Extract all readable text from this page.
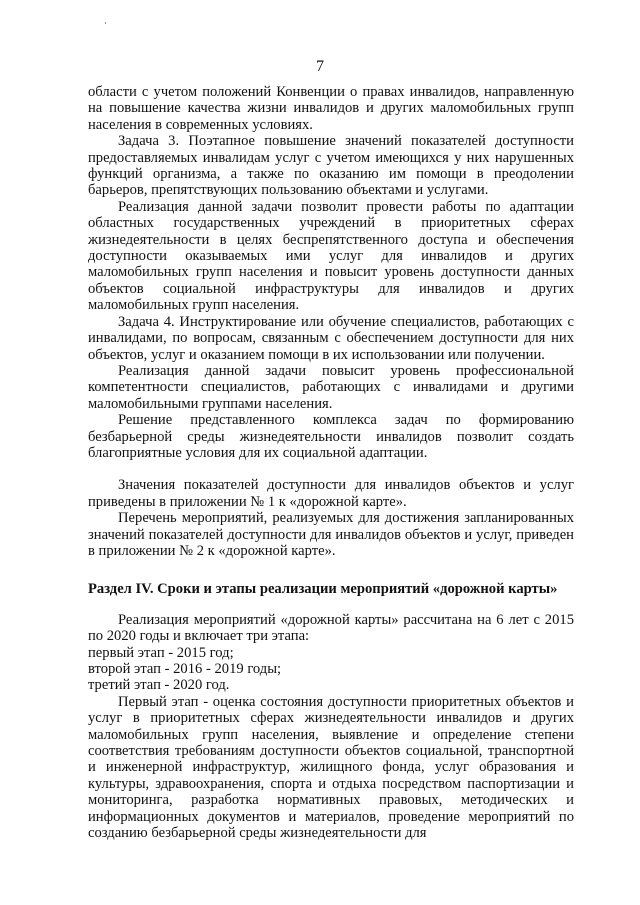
7

области с учетом положений Конвенции о правах инвалидов, направленную на повышение качества жизни инвалидов и других маломобильных групп населения в современных условиях.

Задача 3. Поэтапное повышение значений показателей доступности предоставляемых инвалидам услуг с учетом имеющихся у них нарушенных функций организма, а также по оказанию им помощи в преодолении барьеров, препятствующих пользованию объектами и услугами.

Реализация данной задачи позволит провести работы по адаптации областных государственных учреждений в приоритетных сферах жизнедеятельности в целях беспрепятственного доступа и обеспечения доступности оказываемых ими услуг для инвалидов и других маломобильных групп населения и повысит уровень доступности данных объектов социальной инфраструктуры для инвалидов и других маломобильных групп населения.

Задача 4. Инструктирование или обучение специалистов, работающих с инвалидами, по вопросам, связанным с обеспечением доступности для них объектов, услуг и оказанием помощи в их использовании или получении.

Реализация данной задачи повысит уровень профессиональной компетентности специалистов, работающих с инвалидами и другими маломобильными группами населения.

Решение представленного комплекса задач по формированию безбарьерной среды жизнедеятельности инвалидов позволит создать благоприятные условия для их социальной адаптации.

Значения показателей доступности для инвалидов объектов и услуг приведены в приложении № 1 к «дорожной карте».

Перечень мероприятий, реализуемых для достижения запланированных значений показателей доступности для инвалидов объектов и услуг, приведен в приложении № 2 к «дорожной карте».

Раздел IV. Сроки и этапы реализации мероприятий «дорожной карты»

Реализация мероприятий «дорожной карты» рассчитана на 6 лет с 2015 по 2020 годы и включает три этапа:

первый этап - 2015 год;

второй этап - 2016 - 2019 годы;

третий этап - 2020 год.

Первый этап - оценка состояния доступности приоритетных объектов и услуг в приоритетных сферах жизнедеятельности инвалидов и других маломобильных групп населения, выявление и определение степени соответствия требованиям доступности объектов социальной, транспортной и инженерной инфраструктур, жилищного фонда, услуг образования и культуры, здравоохранения, спорта и отдыха посредством паспортизации и мониторинга, разработка нормативных правовых, методических и информационных документов и материалов, проведение мероприятий по созданию безбарьерной среды жизнедеятельности для
